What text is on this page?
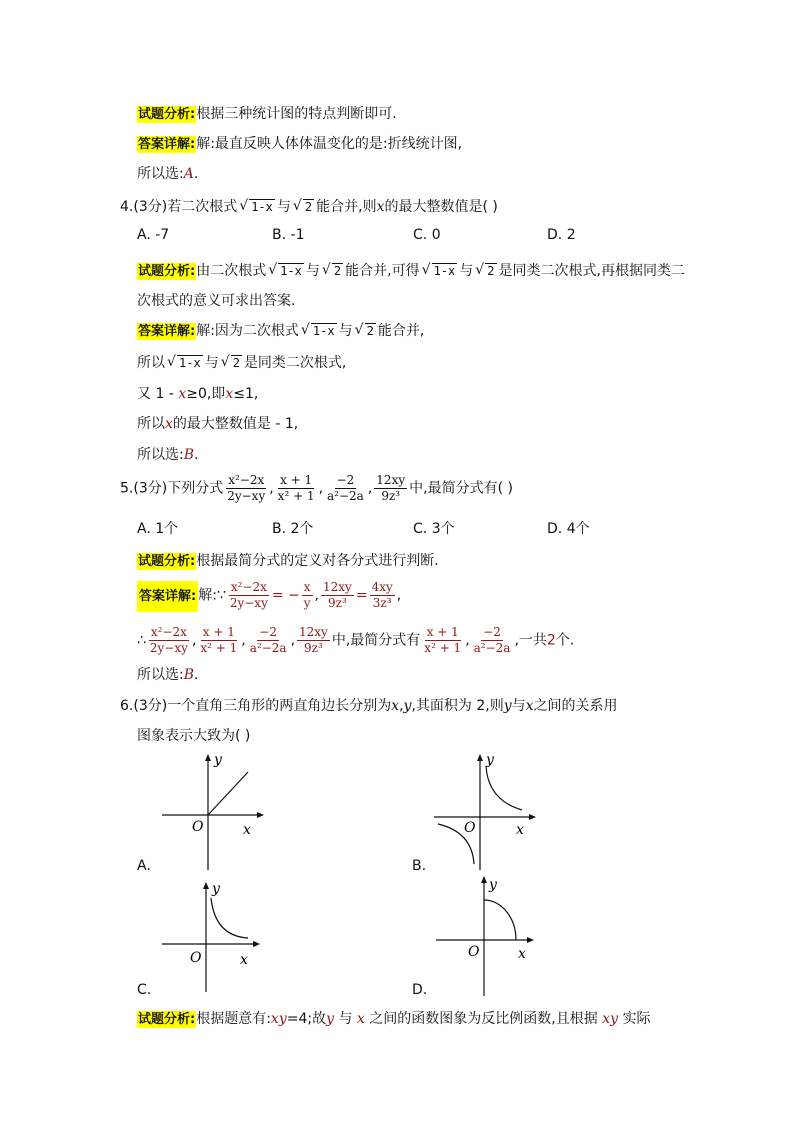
试题分析:根据三种统计图的特点判断即可.
答案详解:解:最直反映人体体温变化的是:折线统计图,
所以选:A.
4.(3分)若二次根式 √ 1-x 与 √ 2 能合并,则x的最大整数值是( )
A. -7	B. -1	C. 0	D. 2
试题分析:由二次根式 √ 1-x 与 √ 2 能合并,可得 √ 1-x 与 √ 2 是同类二次根式,再根据同类二
次根式的意义可求出答案.
答案详解:解:因为二次根式 √ 1-x 与 √ 2 能合并,
所以 √ 1-x 与 √ 2 是同类二次根式,
又 1 - x≥0,即x≤1,
所以x的最大整数值是 - 1,
所以选:B.
5.(3分)下列分式 $\frac{\text{x²−2x}}{2y-xy}$ , $\frac{x + 1}{\text{x² + 1}}$ , $\frac{-2}{\text{a²−2a}}$ , $\frac{12xy}{\text{9z³}}$ 中,最简分式有( )
A. 1个	B. 2个	C. 3个	D. 4个
试题分析:根据最简分式的定义对各分式进行判断.
答案详解: 解:∵ $\frac{\text{x²−2x}}{2y-xy}$ = − $\frac{x}{y}$ , $\frac{12xy}{\text{9z³}} = \frac{4xy}{\text{3z³}}$ ,
∴ $\frac{\text{x²−2x}}{2y-xy}$ , $\frac{x + 1}{\text{x² + 1}}$ , $\frac{-2}{\text{a²−2a}}$ , $\frac{12xy}{\text{9z³}}$ 中,最简分式有 $\frac{x + 1}{\text{x² + 1}}$ , $\frac{-2}{\text{a²−2a}}$ ,一共2个.
所以选:B.
6.(3分)一个直角三角形的两直角边长分别为x,y,其面积为 2,则y与x之间的关系用
图象表示大致为( )
y
O	x
A.
y
O	x
B.
y
O	x
C.
y
O	x
D.
试题分析:根据题意有:xy=4;故y 与 x 之间的函数图象为反比例函数,且根据 xy 实际
